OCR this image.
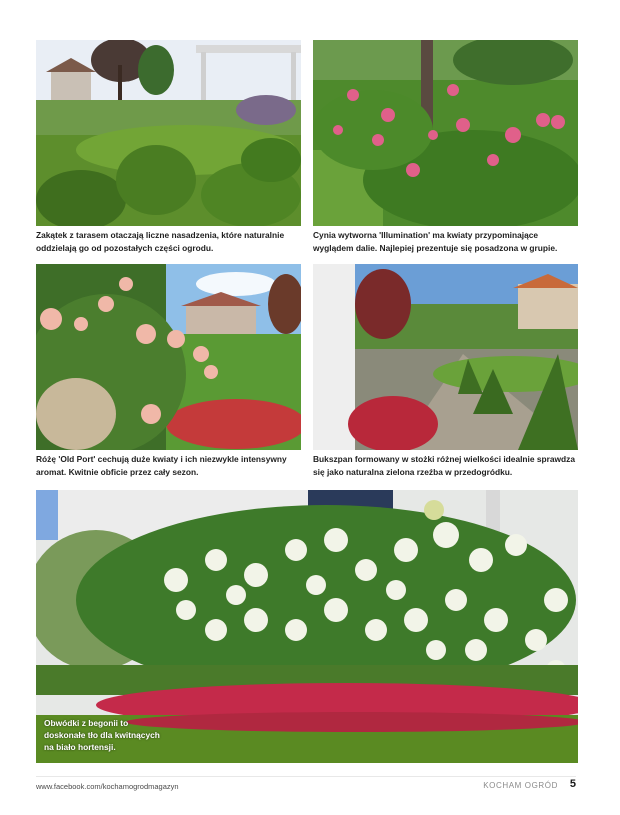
Zakątek z tarasem otaczają liczne nasadzenia, które naturalnie oddzielają go od pozostałych części ogrodu.
Cynia wytworna 'Illumination' ma kwiaty przypominające wyglądem dalie. Najlepiej prezentuje się posadzona w grupie.
Różę 'Old Port' cechują duże kwiaty i ich niezwykle intensywny aromat. Kwitnie obficie przez cały sezon.
Bukszpan formowany w stożki różnej wielkości idealnie sprawdza się jako naturalna zielona rzeźba w przedogródku.
Obwódki z begonii to doskonałe tło dla kwitnących na biało hortensji.
www.facebook.com/kochamogrodmagazyn	KOCHAM OGRÓD 5
